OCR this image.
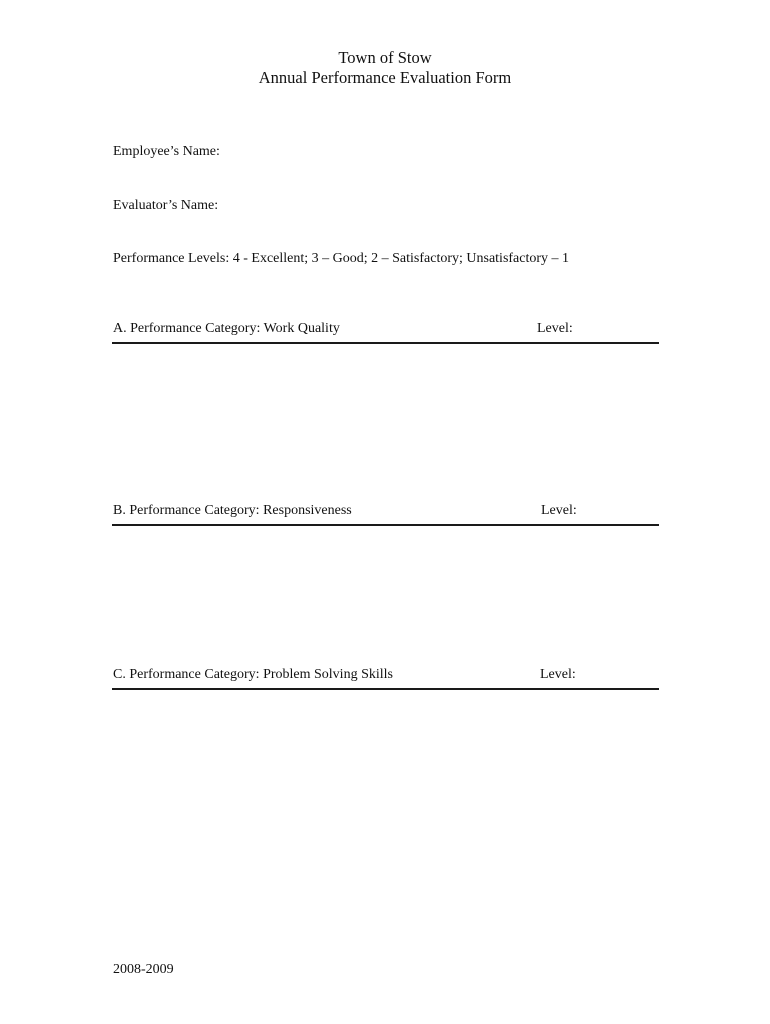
Town of Stow
Annual Performance Evaluation Form
Employee’s Name:
Evaluator’s Name:
Performance Levels: 4 - Excellent; 3 – Good; 2 – Satisfactory; Unsatisfactory – 1
A. Performance Category: Work Quality	Level:
B. Performance Category: Responsiveness	Level:
C. Performance Category: Problem Solving Skills	Level:
2008-2009
